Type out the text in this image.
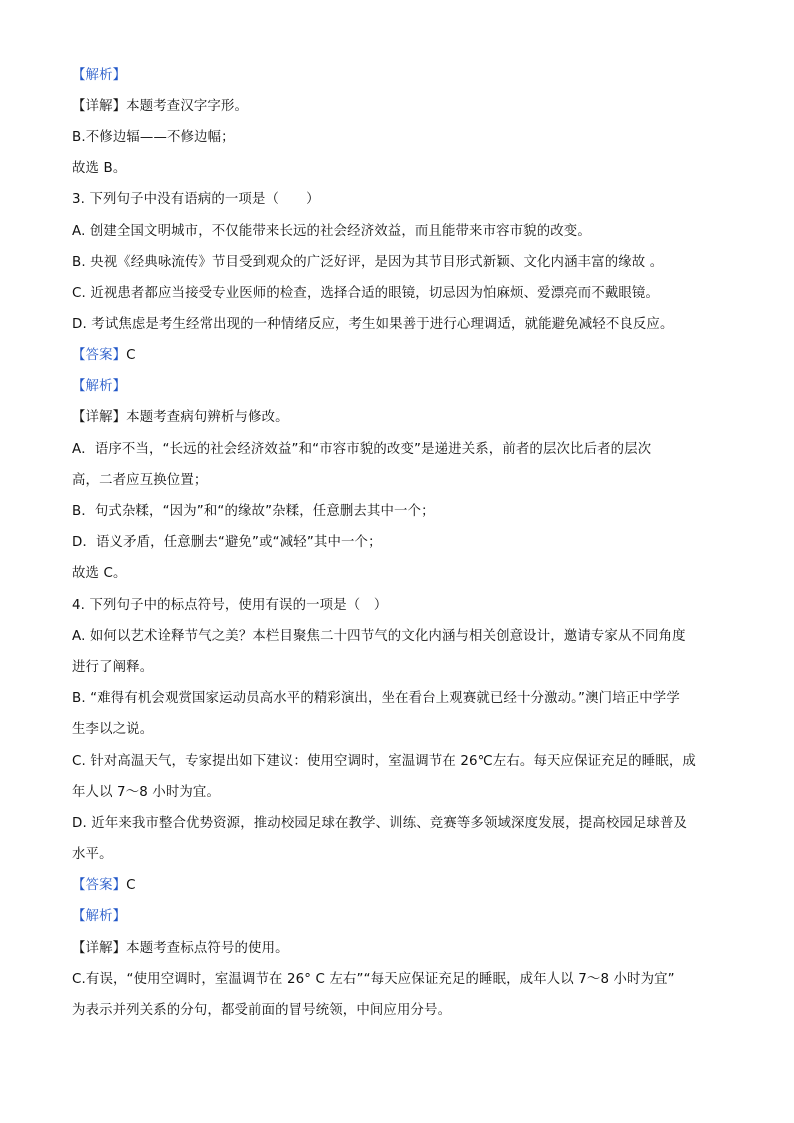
【解析】
【详解】本题考查汉字字形。
B.不修边辐——不修边幅；
故选 B。
3. 下列句子中没有语病的一项是（　　）
A. 创建全国文明城市，不仅能带来长远的社会经济效益，而且能带来市容市貌的改变。
B. 央视《经典咏流传》节目受到观众的广泛好评，是因为其节目形式新颖、文化内涵丰富的缘故 。
C. 近视患者都应当接受专业医师的检查，选择合适的眼镜，切忌因为怕麻烦、爱漂亮而不戴眼镜。
D. 考试焦虑是考生经常出现的一种情绪反应，考生如果善于进行心理调适，就能避免减轻不良反应。
【答案】C
【解析】
【详解】本题考查病句辨析与修改。
A．语序不当，“长远的社会经济效益”和“市容市貌的改变”是递进关系，前者的层次比后者的层次
高，二者应互换位置；
B．句式杂糅，“因为”和“的缘故”杂糅，任意删去其中一个；
D．语义矛盾，任意删去“避免”或“减轻”其中一个；
故选 C。
4. 下列句子中的标点符号，使用有误的一项是（　）
A. 如何以艺术诠释节气之美？本栏目聚焦二十四节气的文化内涵与相关创意设计，邀请专家从不同角度
进行了阐释。
B. “难得有机会观赏国家运动员高水平的精彩演出，坐在看台上观赛就已经十分激动。”澳门培正中学学
生李以之说。
C. 针对高温天气，专家提出如下建议：使用空调时，室温调节在 26℃左右。每天应保证充足的睡眠，成
年人以 7～8 小时为宜。
D. 近年来我市整合优势资源，推动校园足球在教学、训练、竞赛等多领域深度发展，提高校园足球普及
水平。
【答案】C
【解析】
【详解】本题考查标点符号的使用。
C.有误，“使用空调时，室温调节在 26° C 左右”“每天应保证充足的睡眠，成年人以 7～8 小时为宜”
为表示并列关系的分句，都受前面的冒号统领，中间应用分号。
